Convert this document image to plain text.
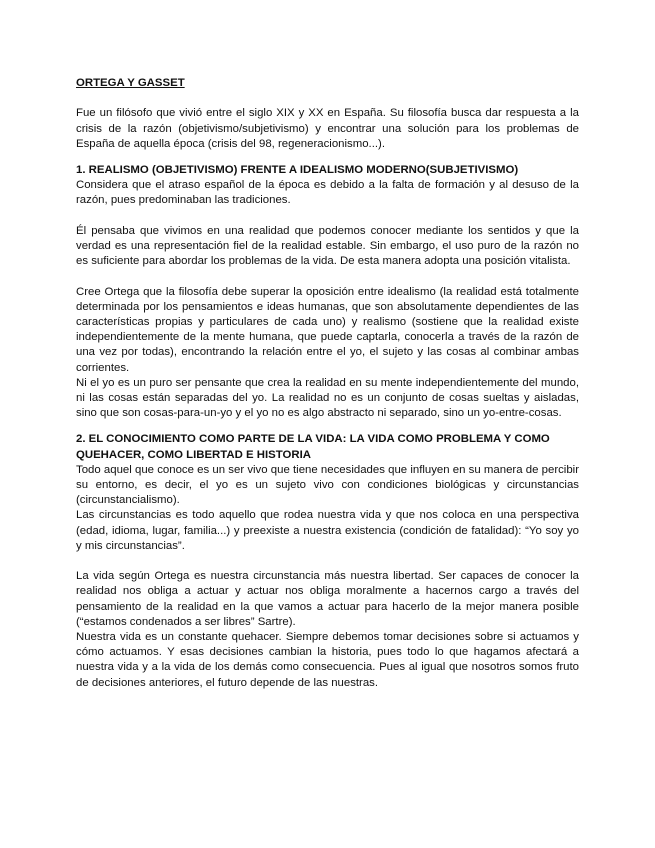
ORTEGA Y GASSET

Fue un filósofo que vivió entre el siglo XIX y XX en España. Su filosofía busca dar respuesta a la crisis de la razón (objetivismo/subjetivismo) y encontrar una solución para los problemas de España de aquella época (crisis del 98, regeneracionismo...).

1. REALISMO (OBJETIVISMO) FRENTE A IDEALISMO MODERNO(SUBJETIVISMO)

Considera que el atraso español de la época es debido a la falta de formación y al desuso de la razón, pues predominaban las tradiciones.

Él pensaba que vivimos en una realidad que podemos conocer mediante los sentidos y que la verdad es una representación fiel de la realidad estable. Sin embargo, el uso puro de la razón no es suficiente para abordar los problemas de la vida. De esta manera adopta una posición vitalista.

Cree Ortega que la filosofía debe superar la oposición entre idealismo (la realidad está totalmente determinada por los pensamientos e ideas humanas, que son absolutamente dependientes de las características propias y particulares de cada uno) y realismo (sostiene que la realidad existe independientemente de la mente humana, que puede captarla, conocerla a través de la razón de una vez por todas), encontrando la relación entre el yo, el sujeto y las cosas al combinar ambas corrientes.

Ni el yo es un puro ser pensante que crea la realidad en su mente independientemente del mundo, ni las cosas están separadas del yo. La realidad no es un conjunto de cosas sueltas y aisladas, sino que son cosas-para-un-yo y el yo no es algo abstracto ni separado, sino un yo-entre-cosas.

2. EL CONOCIMIENTO COMO PARTE DE LA VIDA: LA VIDA COMO PROBLEMA Y COMO QUEHACER, COMO LIBERTAD E HISTORIA

Todo aquel que conoce es un ser vivo que tiene necesidades que influyen en su manera de percibir su entorno, es decir, el yo es un sujeto vivo con condiciones biológicas y circunstancias (circunstancialismo).

Las circunstancias es todo aquello que rodea nuestra vida y que nos coloca en una perspectiva (edad, idioma, lugar, familia...) y preexiste a nuestra existencia (condición de fatalidad): “Yo soy yo y mis circunstancias”.

La vida según Ortega es nuestra circunstancia más nuestra libertad. Ser capaces de conocer la realidad nos obliga a actuar y actuar nos obliga moralmente a hacernos cargo a través del pensamiento de la realidad en la que vamos a actuar para hacerlo de la mejor manera posible (“estamos condenados a ser libres” Sartre).

Nuestra vida es un constante quehacer. Siempre debemos tomar decisiones sobre si actuamos y cómo actuamos. Y esas decisiones cambian la historia, pues todo lo que hagamos afectará a nuestra vida y a la vida de los demás como consecuencia. Pues al igual que nosotros somos fruto de decisiones anteriores, el futuro depende de las nuestras.
